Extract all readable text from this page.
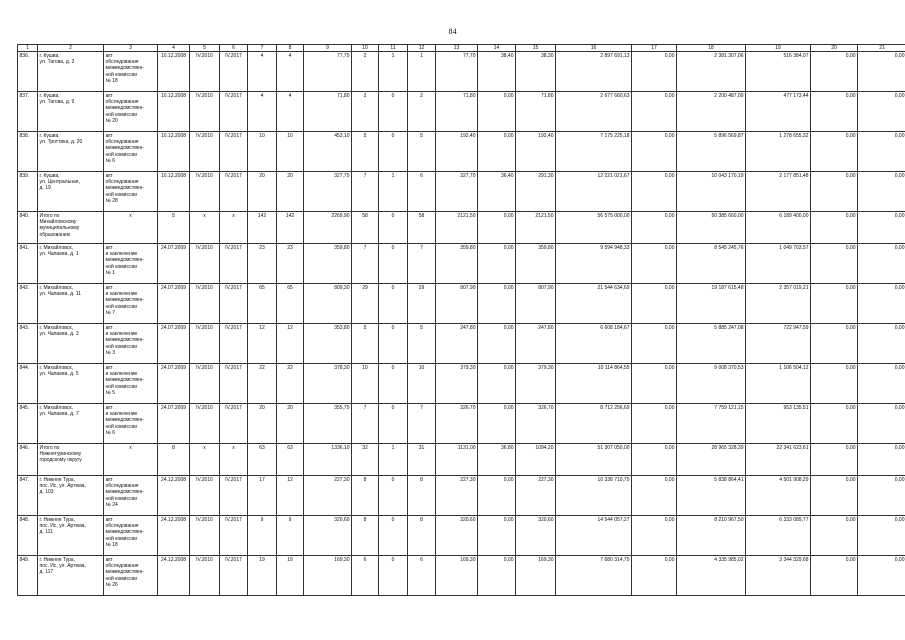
84
1	2	3	4	5	6	7	8	9	10	11	12	13	14	15	16	17	18	19	20	21
836.	г. Кушва,
ул. Тагова, д. 3	акт
обследования
межведомствен-
ной комиссии
№ 18	10.12.2008	IV.2016	IV.2017	4	4	77,70	2	1	1	77,70	38,40	38,30	2 897 691,13	0,00	2 381 307,06	516 384,07	0,00	0,00
837.	г. Кушва,
ул. Тагова, д. 9	акт
обследования
межведомствен-
ной комиссии
№ 20	10.12.2008	IV.2016	IV.2017	4	4	71,80	2	0	2	71,80	0,00	71,80	2 677 660,63	0,00	2 200 487,09	477 173,44	0,00	0,00
838.	г. Кушва,
ул. Троттика, д. 20	акт
обследования
межведомствен-
ной комиссии
№ 6	10.12.2008	IV.2016	IV.2017	10	10	453,10	5	0	5	192,40	0,00	192,40	7 175 225,18	0,00	5 896 569,87	1 278 655,32	0,00	0,00
839.	г. Кушва,
ул. Центральная,
д. 19	акт
обследования
межведомствен-
ной комиссии
№ 28	10.12.2008	IV.2016	IV.2017	20	20	327,70	7	1	6	327,70	36,40	291,30	12 221 021,67	0,00	10 043 170,19	2 177 851,48	0,00	0,00
840.	Итого по
Михайловскому
муниципальному
образованию	х	5	х	х	142	142	2269,90	58	0	58	2121,50	0,00	2121,50	56 575 000,00	0,00	50 385 660,00	6 189 400,00	0,00	0,00
841.	г. Михайловск,
ул. Чапаева, д. 1	акт
и заключение
межведомствен-
ной комиссии
№ 1	24.07.2009	IV.2016	IV.2017	23	23	359,80	7	0	7	359,80	0,00	359,80	9 594 948,33	0,00	8 545 245,76	1 049 703,57	0,00	0,00
842.	г. Михайловск,
ул. Чапаева, д. 11	акт
и заключение
межведомствен-
ной комиссии
№ 7	24.07.2009	IV.2016	IV.2017	65	65	809,30	29	0	29	807,90	0,00	807,90	21 544 634,69	0,00	19 187 615,48	2 357 019,21	0,00	0,00
843.	г. Михайловск,
ул. Чапаева, д. 3	акт
и заключение
межведомствен-
ной комиссии
№ 3	24.07.2009	IV.2016	IV.2017	12	12	353,80	5	0	5	247,80	0,00	247,80	6 608 184,67	0,00	5 885 247,08	722 947,59	0,00	0,00
844.	г. Михайловск,
ул. Чапаева, д. 5	акт
и заключение
межведомствен-
ной комиссии
№ 5	24.07.2009	IV.2016	IV.2017	22	22	378,30	10	0	10	379,30	0,00	379,30	10 114 864,55	0,00	9 008 370,53	1 106 504,12	0,00	0,00
845.	г. Михайловск,
ул. Чапаева, д. 7	акт
и заключение
межведомствен-
ной комиссии
№ 6	24.07.2009	IV.2016	IV.2017	20	20	355,70	7	0	7	326,70	0,00	326,70	8 712 256,69	0,00	7 759 121,15	953 135,51	0,00	0,00
846.	Итого по
Нижнетуринскому
городскому округу	х	8	х	х	63	63	1336,10	32	1	31	1131,00	36,80	1094,20	51 307 050,00	0,00	28 965 328,39	22 341 623,61	0,00	0,00
847.	г. Нижняя Тура,
пос. Ис, ул. Артема,
д. 103	акт
обследования
межведомствен-
ной комиссии
№ 24	24.12.2008	IV.2016	IV.2017	17	12	227,30	8	0	8	227,30	0,00	227,30	10 338 710,70	0,00	5 838 864,41	4 501 908,29	0,00	0,00
848.	г. Нижняя Тура,
пос. Ис, ул. Артема,
д. 111	акт
обследования
межведомствен-
ной комиссии
№ 18	24.12.2008	IV.2016	IV.2017	9	9	320,60	8	0	8	320,60	0,00	320,60	14 544 057,27	0,00	8 210 967,50	6 333 089,77	0,00	0,00
849.	г. Нижняя Тура,
пос. Ис, ул. Артема,
д. 117	акт
обследования
межведомствен-
ной комиссии
№ 26	24.12.2008	IV.2016	IV.2017	19	19	169,30	6	0	6	169,30	0,00	169,30	7 680 314,70	0,00	4 335 985,02	3 344 329,68	0,00	0,00
